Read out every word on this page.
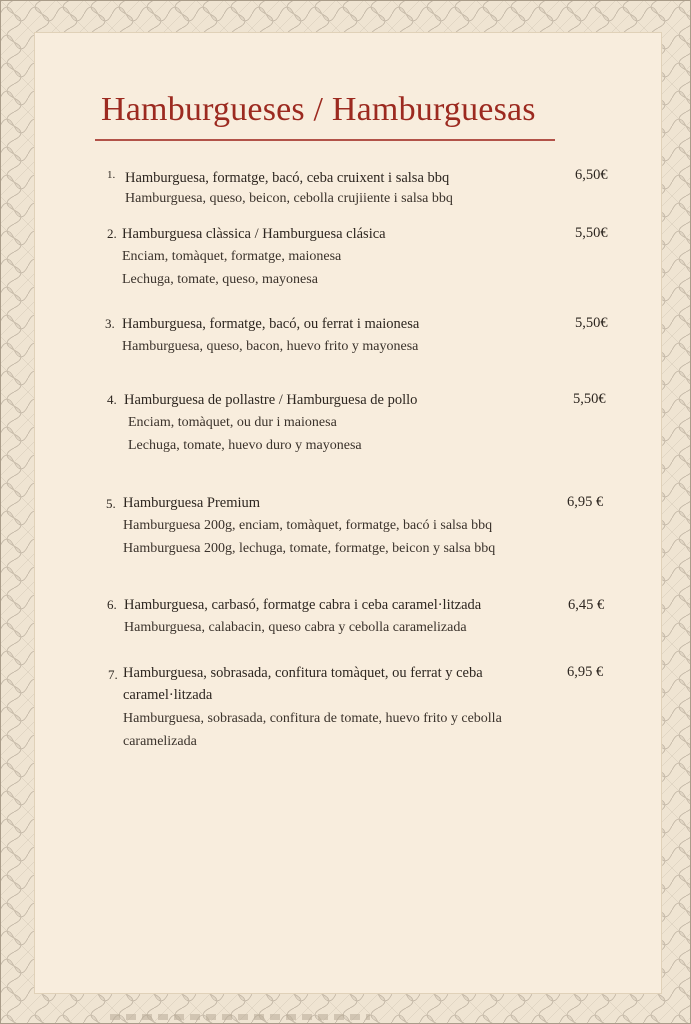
Hamburgueses / Hamburguesas
1. Hamburguesa, formatge, bacó, ceba cruixent i salsa bbq
Hamburguesa, queso, beicon, cebolla crujiiente i salsa bbq
6,50€
2. Hamburguesa clàssica / Hamburguesa clásica
Enciam, tomàquet, formatge, maionesa
Lechuga, tomate, queso, mayonesa
5,50€
3. Hamburguesa, formatge, bacó, ou ferrat i maionesa
Hamburguesa, queso, bacon, huevo frito y mayonesa
5,50€
4. Hamburguesa de pollastre / Hamburguesa de pollo
Enciam, tomàquet, ou dur i maionesa
Lechuga, tomate, huevo duro y mayonesa
5,50€
5. Hamburguesa Premium
Hamburguesa 200g, enciam, tomàquet, formatge, bacó i salsa bbq
Hamburguesa 200g, lechuga, tomate, formatge, beicon y salsa bbq
6,95 €
6. Hamburguesa, carbasó, formatge cabra i ceba caramel·litzada
Hamburguesa, calabacin, queso cabra y cebolla caramelizada
6,45 €
7. Hamburguesa, sobrasada, confitura tomàquet, ou ferrat y ceba
caramel·litzada
Hamburguesa, sobrasada, confitura de tomate, huevo frito y cebolla
caramelizada
6,95 €
